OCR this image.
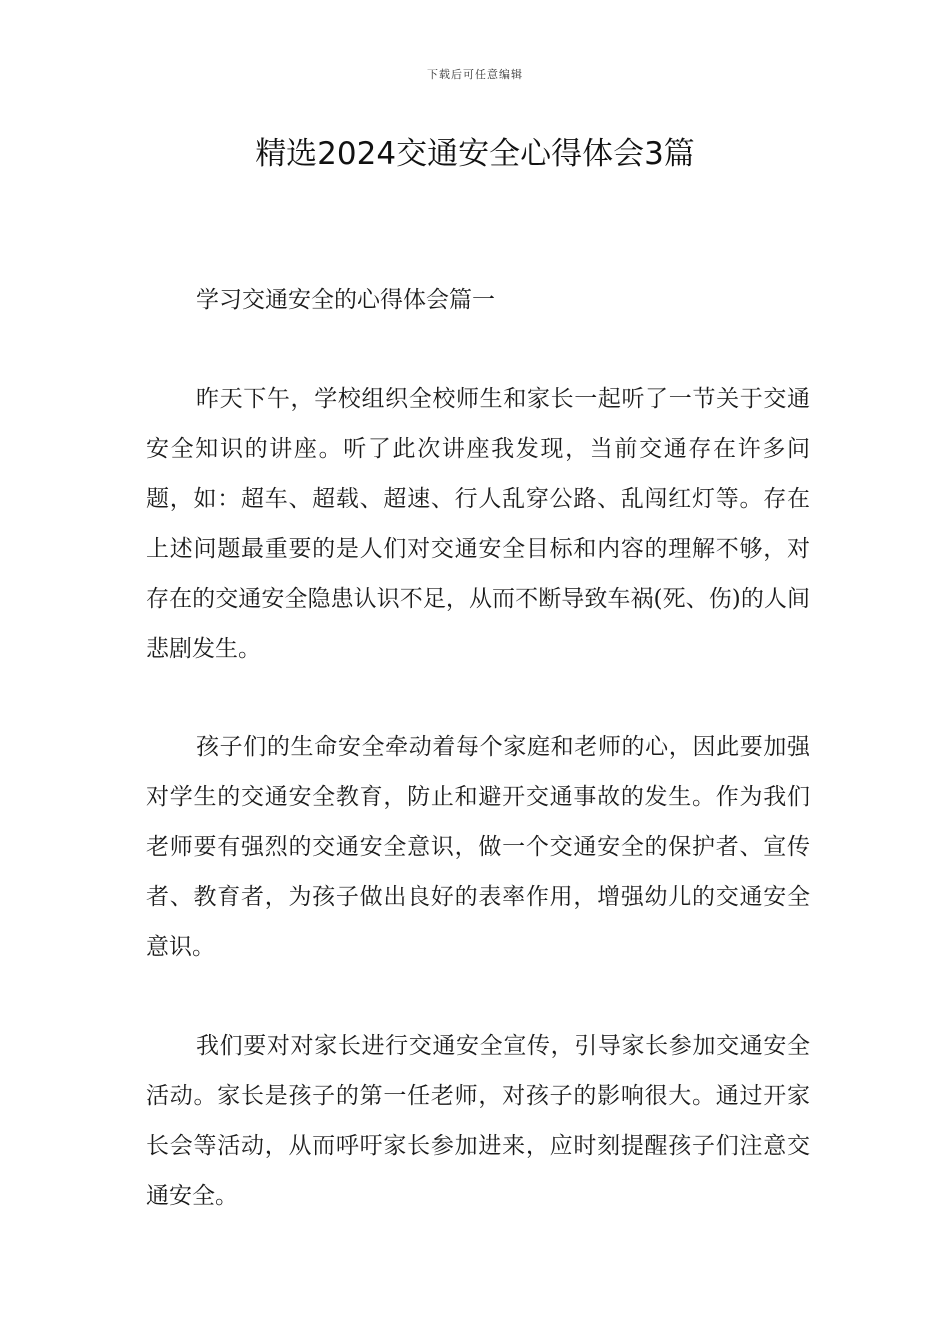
下载后可任意编辑
精选2024交通安全心得体会3篇
学习交通安全的心得体会篇一

昨天下午，学校组织全校师生和家长一起听了一节关于交通安全知识的讲座。听了此次讲座我发现，当前交通存在许多问题，如：超车、超载、超速、行人乱穿公路、乱闯红灯等。存在上述问题最重要的是人们对交通安全目标和内容的理解不够，对存在的交通安全隐患认识不足，从而不断导致车祸(死、伤)的人间悲剧发生。

孩子们的生命安全牵动着每个家庭和老师的心，因此要加强对学生的交通安全教育，防止和避开交通事故的发生。作为我们老师要有强烈的交通安全意识，做一个交通安全的保护者、宣传者、教育者，为孩子做出良好的表率作用，增强幼儿的交通安全意识。

我们要对对家长进行交通安全宣传，引导家长参加交通安全活动。家长是孩子的第一任老师，对孩子的影响很大。通过开家长会等活动，从而呼吁家长参加进来，应时刻提醒孩子们注意交通安全。
